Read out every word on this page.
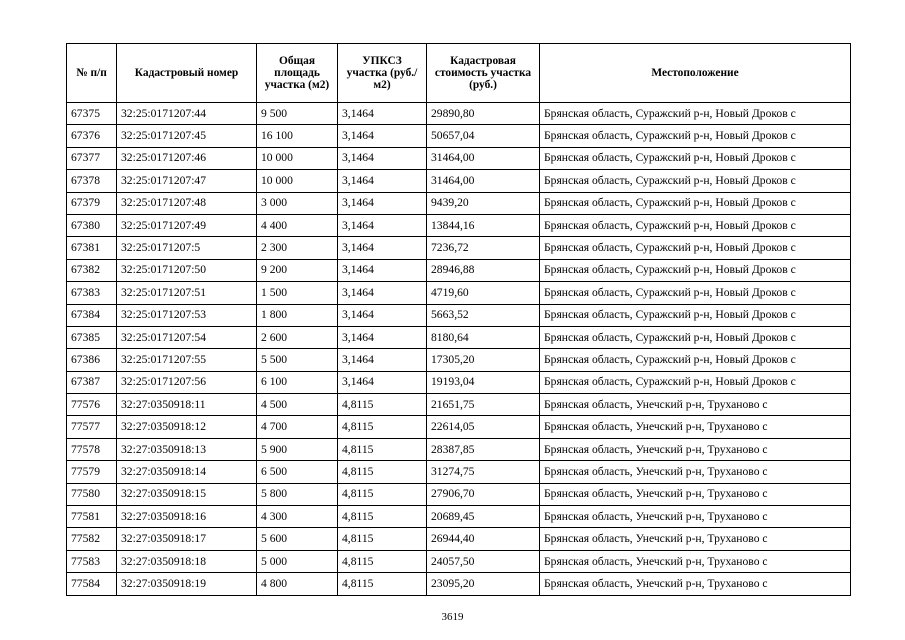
№ п/п	Кадастровый номер	Общая площадь участка (м2)	УПКСЗ участка (руб./м2)	Кадастровая стоимость участка (руб.)	Местоположение
67375	32:25:0171207:44	9 500	3,1464	29890,80	Брянская область, Суражский р-н, Новый Дроков с
67376	32:25:0171207:45	16 100	3,1464	50657,04	Брянская область, Суражский р-н, Новый Дроков с
67377	32:25:0171207:46	10 000	3,1464	31464,00	Брянская область, Суражский р-н, Новый Дроков с
67378	32:25:0171207:47	10 000	3,1464	31464,00	Брянская область, Суражский р-н, Новый Дроков с
67379	32:25:0171207:48	3 000	3,1464	9439,20	Брянская область, Суражский р-н, Новый Дроков с
67380	32:25:0171207:49	4 400	3,1464	13844,16	Брянская область, Суражский р-н, Новый Дроков с
67381	32:25:0171207:5	2 300	3,1464	7236,72	Брянская область, Суражский р-н, Новый Дроков с
67382	32:25:0171207:50	9 200	3,1464	28946,88	Брянская область, Суражский р-н, Новый Дроков с
67383	32:25:0171207:51	1 500	3,1464	4719,60	Брянская область, Суражский р-н, Новый Дроков с
67384	32:25:0171207:53	1 800	3,1464	5663,52	Брянская область, Суражский р-н, Новый Дроков с
67385	32:25:0171207:54	2 600	3,1464	8180,64	Брянская область, Суражский р-н, Новый Дроков с
67386	32:25:0171207:55	5 500	3,1464	17305,20	Брянская область, Суражский р-н, Новый Дроков с
67387	32:25:0171207:56	6 100	3,1464	19193,04	Брянская область, Суражский р-н, Новый Дроков с
77576	32:27:0350918:11	4 500	4,8115	21651,75	Брянская область, Унечский р-н, Труханово с
77577	32:27:0350918:12	4 700	4,8115	22614,05	Брянская область, Унечский р-н, Труханово с
77578	32:27:0350918:13	5 900	4,8115	28387,85	Брянская область, Унечский р-н, Труханово с
77579	32:27:0350918:14	6 500	4,8115	31274,75	Брянская область, Унечский р-н, Труханово с
77580	32:27:0350918:15	5 800	4,8115	27906,70	Брянская область, Унечский р-н, Труханово с
77581	32:27:0350918:16	4 300	4,8115	20689,45	Брянская область, Унечский р-н, Труханово с
77582	32:27:0350918:17	5 600	4,8115	26944,40	Брянская область, Унечский р-н, Труханово с
77583	32:27:0350918:18	5 000	4,8115	24057,50	Брянская область, Унечский р-н, Труханово с
77584	32:27:0350918:19	4 800	4,8115	23095,20	Брянская область, Унечский р-н, Труханово с
3619
